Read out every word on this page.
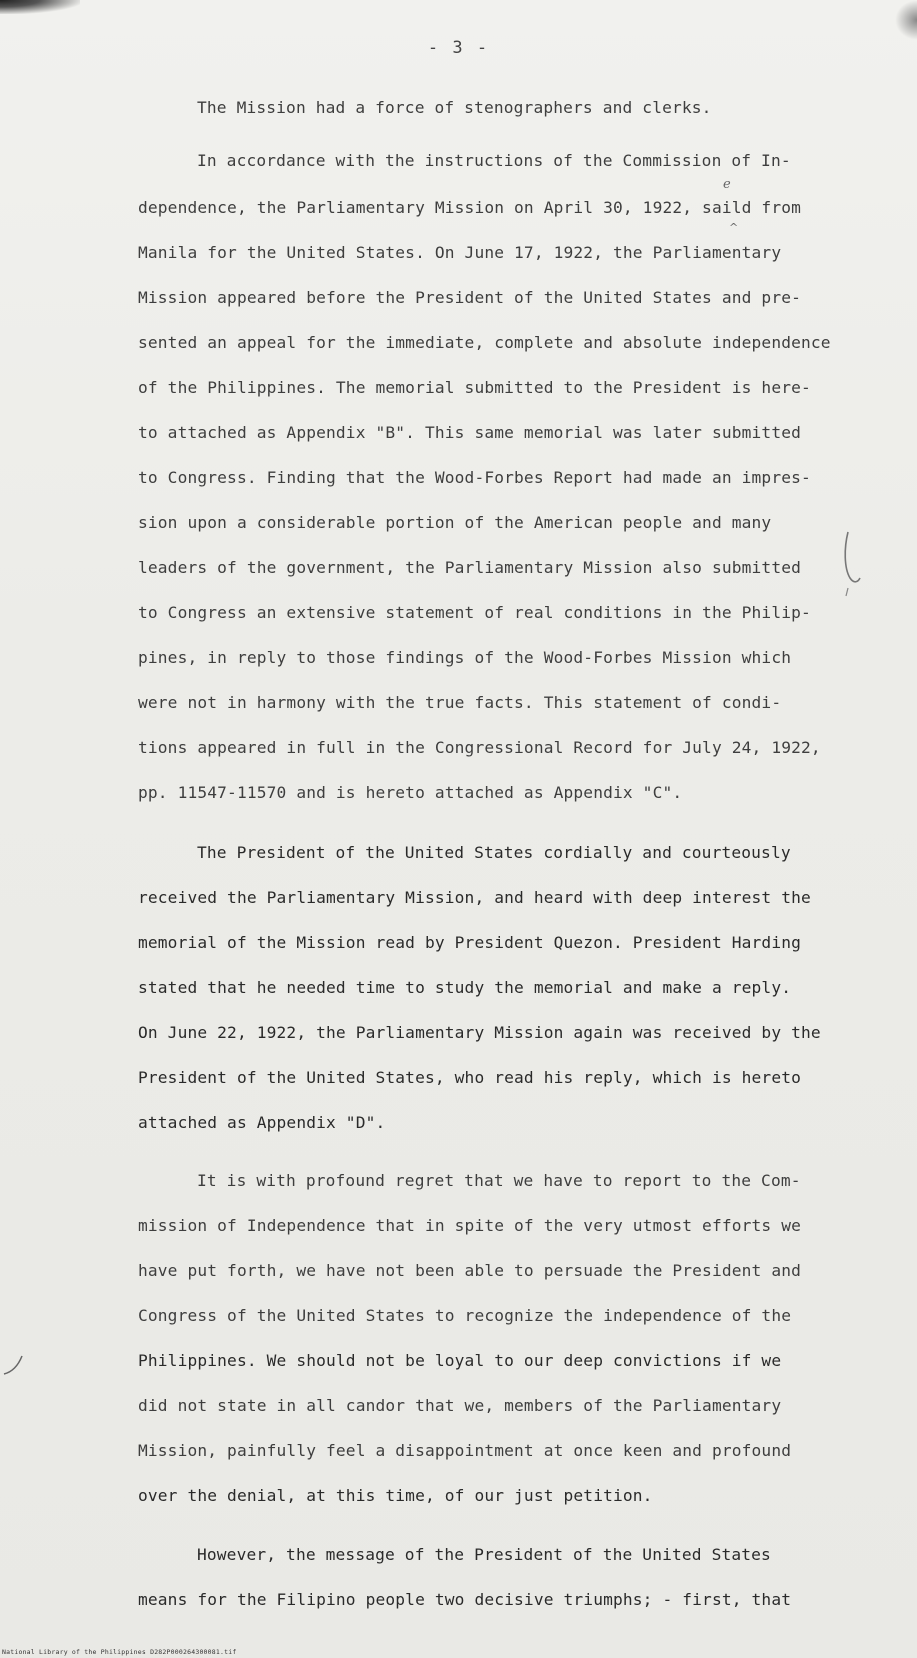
- 3 -
The Mission had a force of stenographers and clerks.
In accordance with the instructions of the Commission of In-
e
dependence, the Parliamentary Mission on April 30, 1922, saild from
^
Manila for the United States. On June 17, 1922, the Parliamentary
Mission appeared before the President of the United States and pre-
sented an appeal for the immediate, complete and absolute independence
of the Philippines. The memorial submitted to the President is here-
to attached as Appendix "B". This same memorial was later submitted
to Congress. Finding that the Wood-Forbes Report had made an impres-
sion upon a considerable portion of the American people and many
leaders of the government, the Parliamentary Mission also submitted
to Congress an extensive statement of real conditions in the Philip-
pines, in reply to those findings of the Wood-Forbes Mission which
were not in harmony with the true facts. This statement of condi-
tions appeared in full in the Congressional Record for July 24, 1922,
pp. 11547-11570 and is hereto attached as Appendix "C".
The President of the United States cordially and courteously
received the Parliamentary Mission, and heard with deep interest the
memorial of the Mission read by President Quezon. President Harding
stated that he needed time to study the memorial and make a reply.
On June 22, 1922, the Parliamentary Mission again was received by the
President of the United States, who read his reply, which is hereto
attached as Appendix "D".
It is with profound regret that we have to report to the Com-
mission of Independence that in spite of the very utmost efforts we
have put forth, we have not been able to persuade the President and
Congress of the United States to recognize the independence of the
Philippines. We should not be loyal to our deep convictions if we
did not state in all candor that we, members of the Parliamentary
Mission, painfully feel a disappointment at once keen and profound
over the denial, at this time, of our just petition.
However, the message of the President of the United States
means for the Filipino people two decisive triumphs; - first, that
National Library of the Philippines D282P000264300081.tif
